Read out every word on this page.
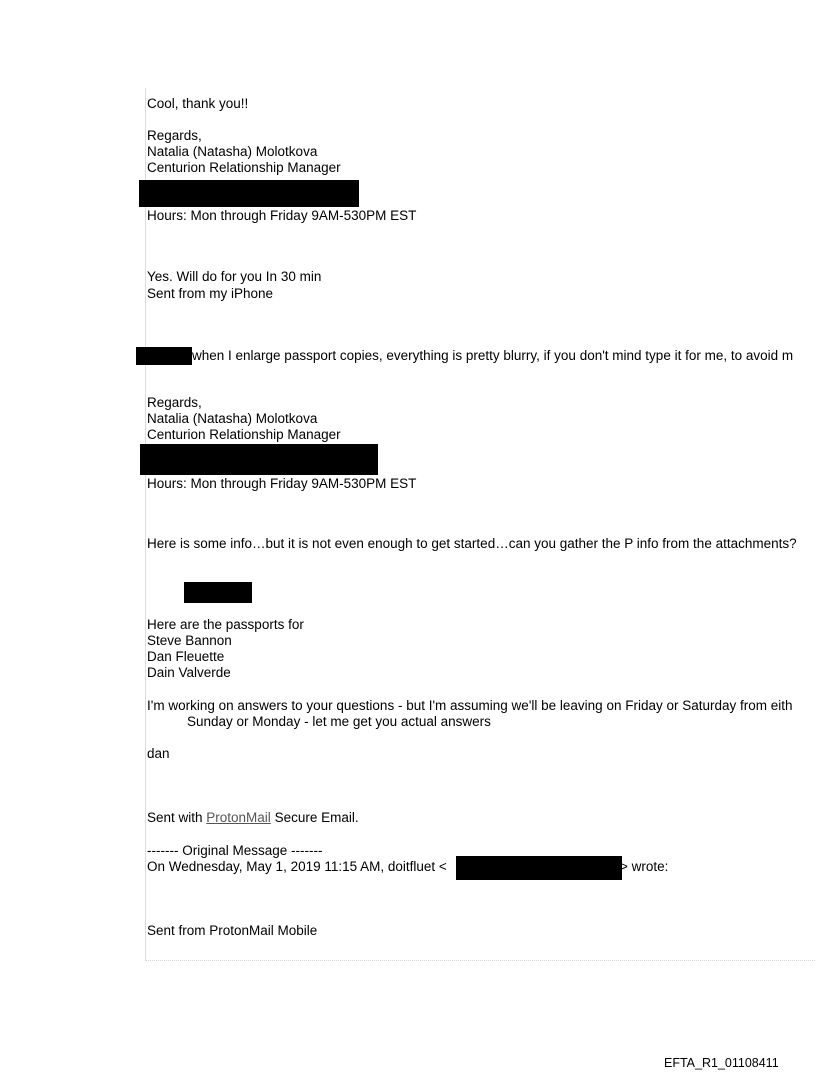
Cool, thank you!!
Regards,
Natalia (Natasha) Molotkova
Centurion Relationship Manager
Hours: Mon through Friday 9AM-530PM EST
Yes. Will do for you In 30 min
Sent from my iPhone
when I enlarge passport copies, everything is pretty blurry, if you don't mind type it for me, to avoid m
Regards,
Natalia (Natasha) Molotkova
Centurion Relationship Manager
Hours: Mon through Friday 9AM-530PM EST
Here is some info…but it is not even enough to get started…can you gather the P info from the attachments?
Here are the passports for
Steve Bannon
Dan Fleuette
Dain Valverde
I'm working on answers to your questions - but I'm assuming we'll be leaving on Friday or Saturday from eith
Sunday or Monday - let me get you actual answers
dan
Sent with ProtonMail Secure Email.
------- Original Message -------
On Wednesday, May 1, 2019 11:15 AM, doitfluet <	> wrote:
Sent from ProtonMail Mobile
EFTA_R1_01108411
